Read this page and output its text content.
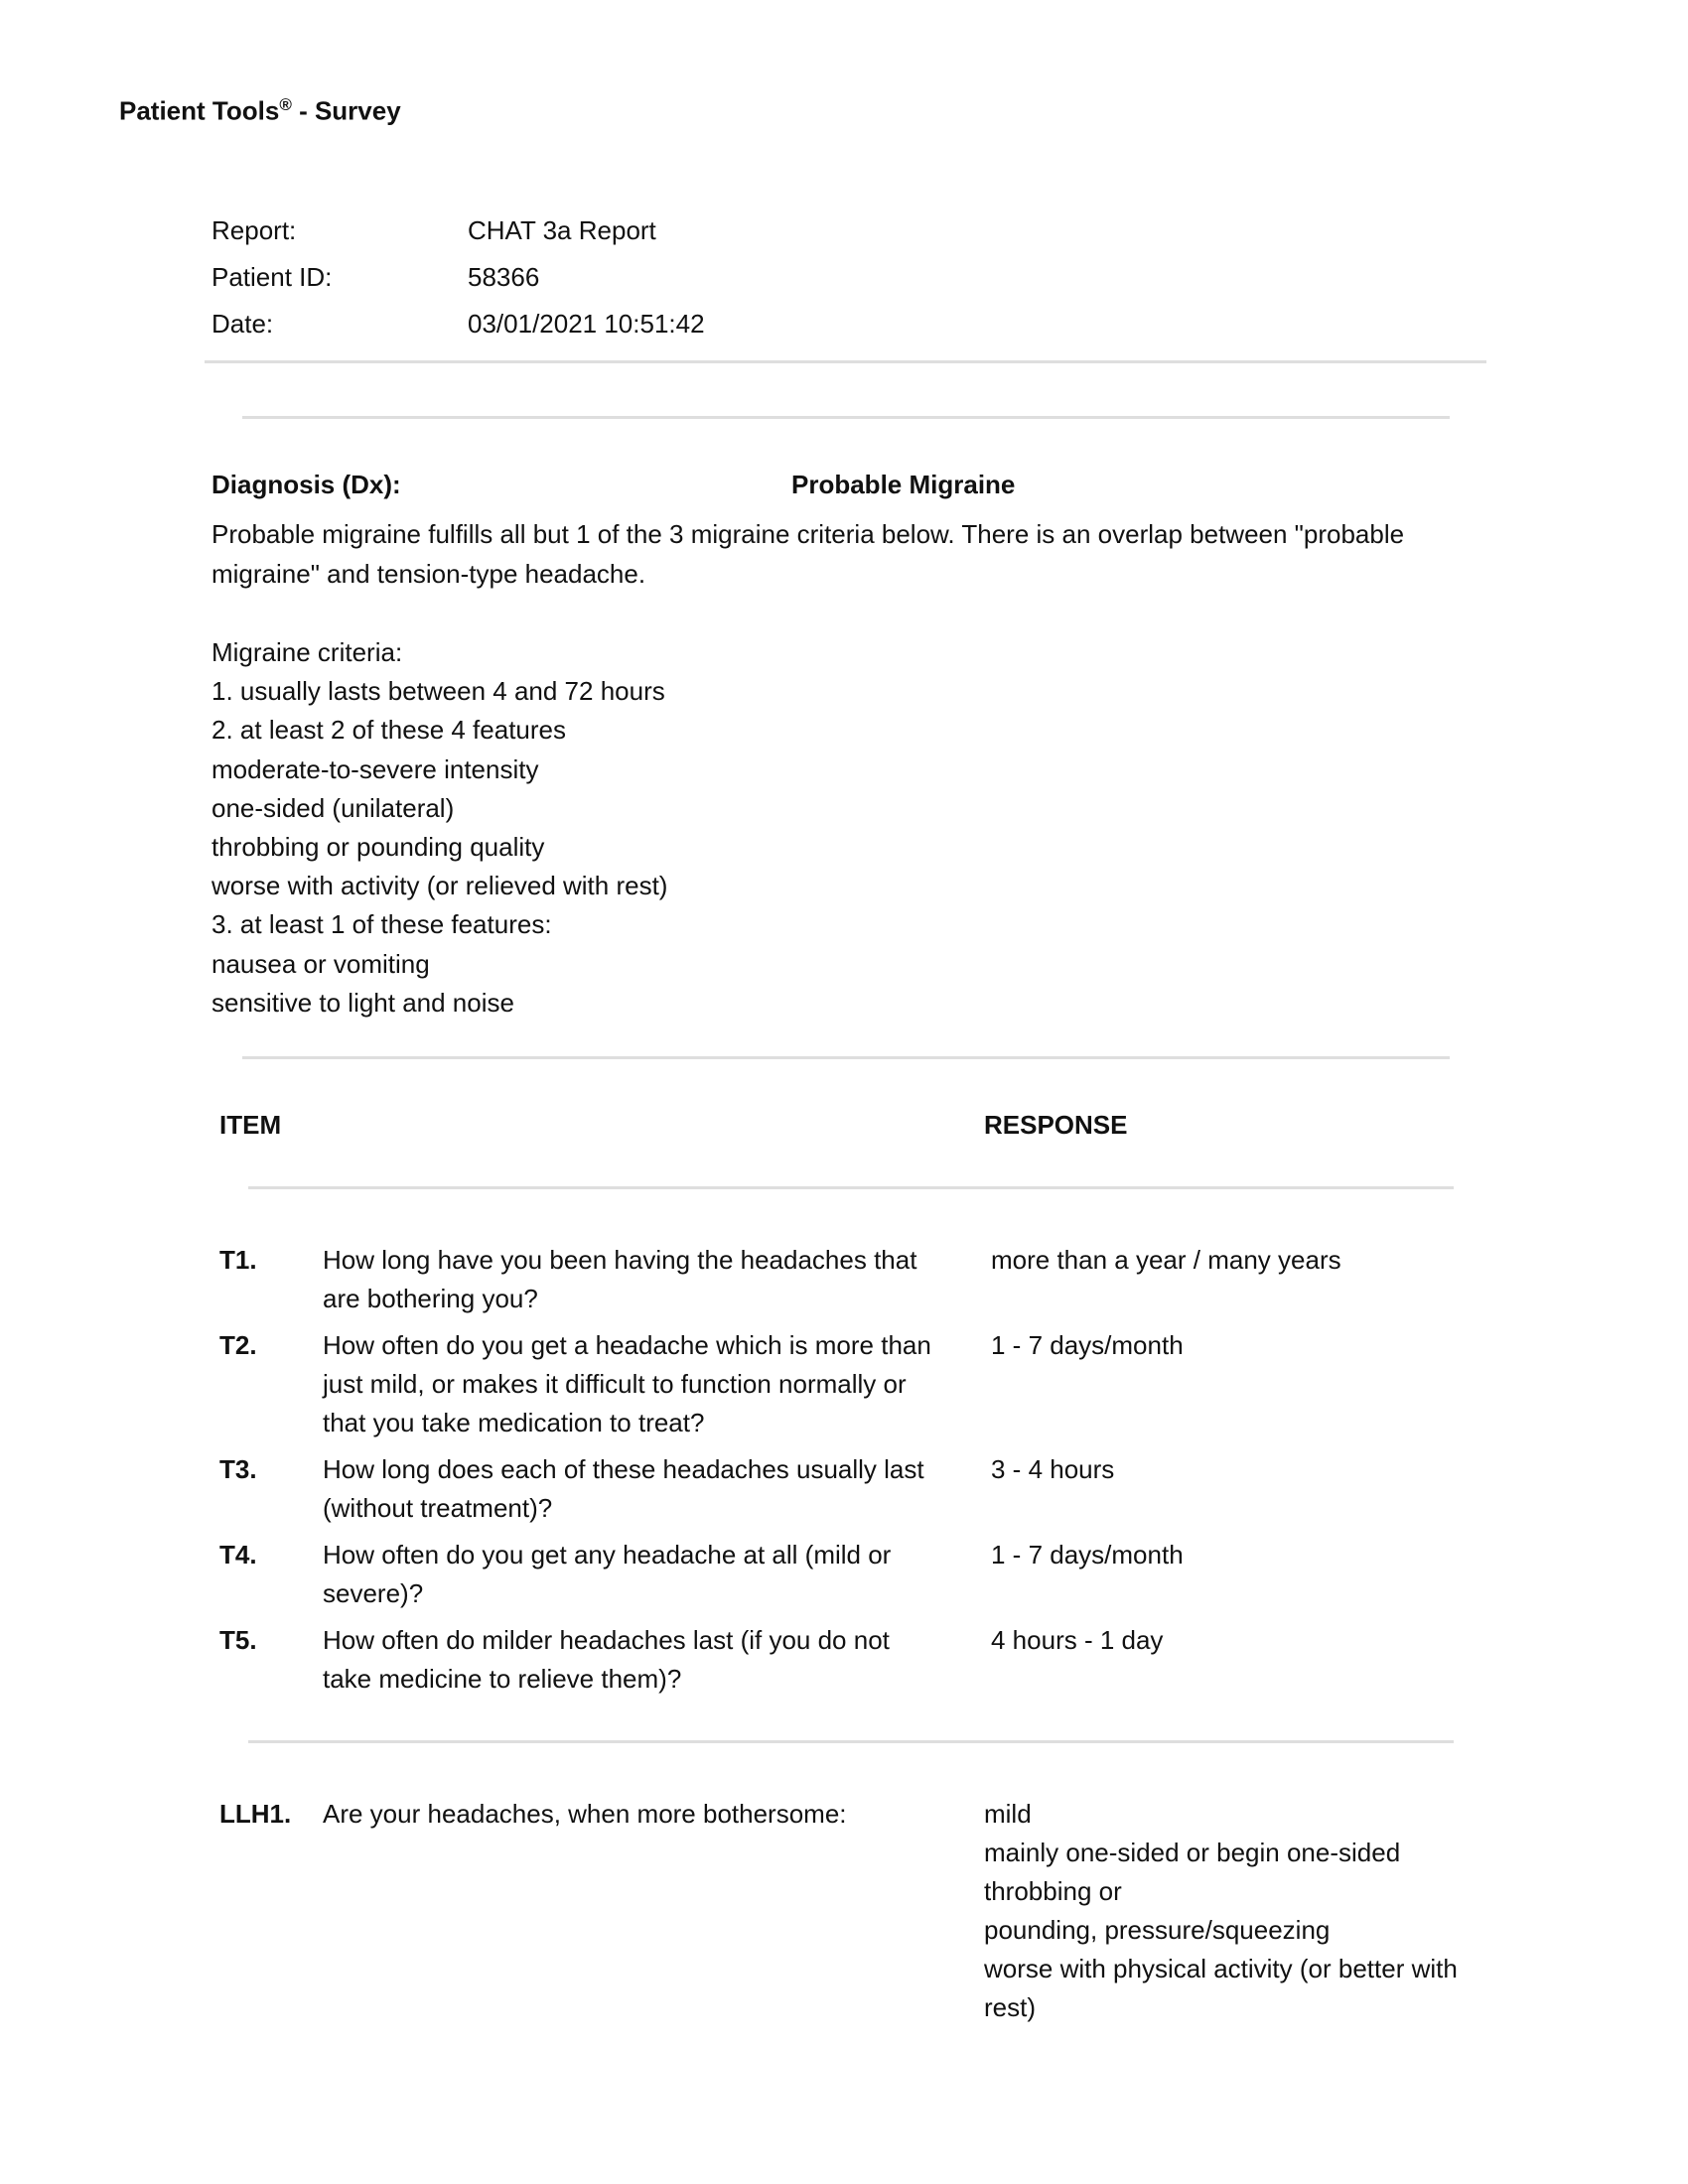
Patient Tools® - Survey
Report:	CHAT 3a Report
Patient ID:	58366
Date:	03/01/2021 10:51:42
Diagnosis (Dx):	Probable Migraine
Probable migraine fulfills all but 1 of the 3 migraine criteria below. There is an overlap between "probable migraine" and tension-type headache.
Migraine criteria:
1. usually lasts between 4 and 72 hours
2. at least 2 of these 4 features
moderate-to-severe intensity
one-sided (unilateral)
throbbing or pounding quality
worse with activity (or relieved with rest)
3. at least 1 of these features:
nausea or vomiting
sensitive to light and noise
ITEM	RESPONSE
T1.	How long have you been having the headaches that are bothering you?
more than a year / many years
T2.	How often do you get a headache which is more than just mild, or makes it difficult to function normally or that you take medication to treat?
1 - 7 days/month
T3.	How long does each of these headaches usually last (without treatment)?
3 - 4 hours
T4.	How often do you get any headache at all (mild or severe)?
1 - 7 days/month
T5.	How often do milder headaches last (if you do not take medicine to relieve them)?
4 hours - 1 day
LLH1. Are your headaches, when more bothersome:	mild
mainly one-sided or begin one-sided
throbbing or
pounding, pressure/squeezing
worse with physical activity (or better with rest)
